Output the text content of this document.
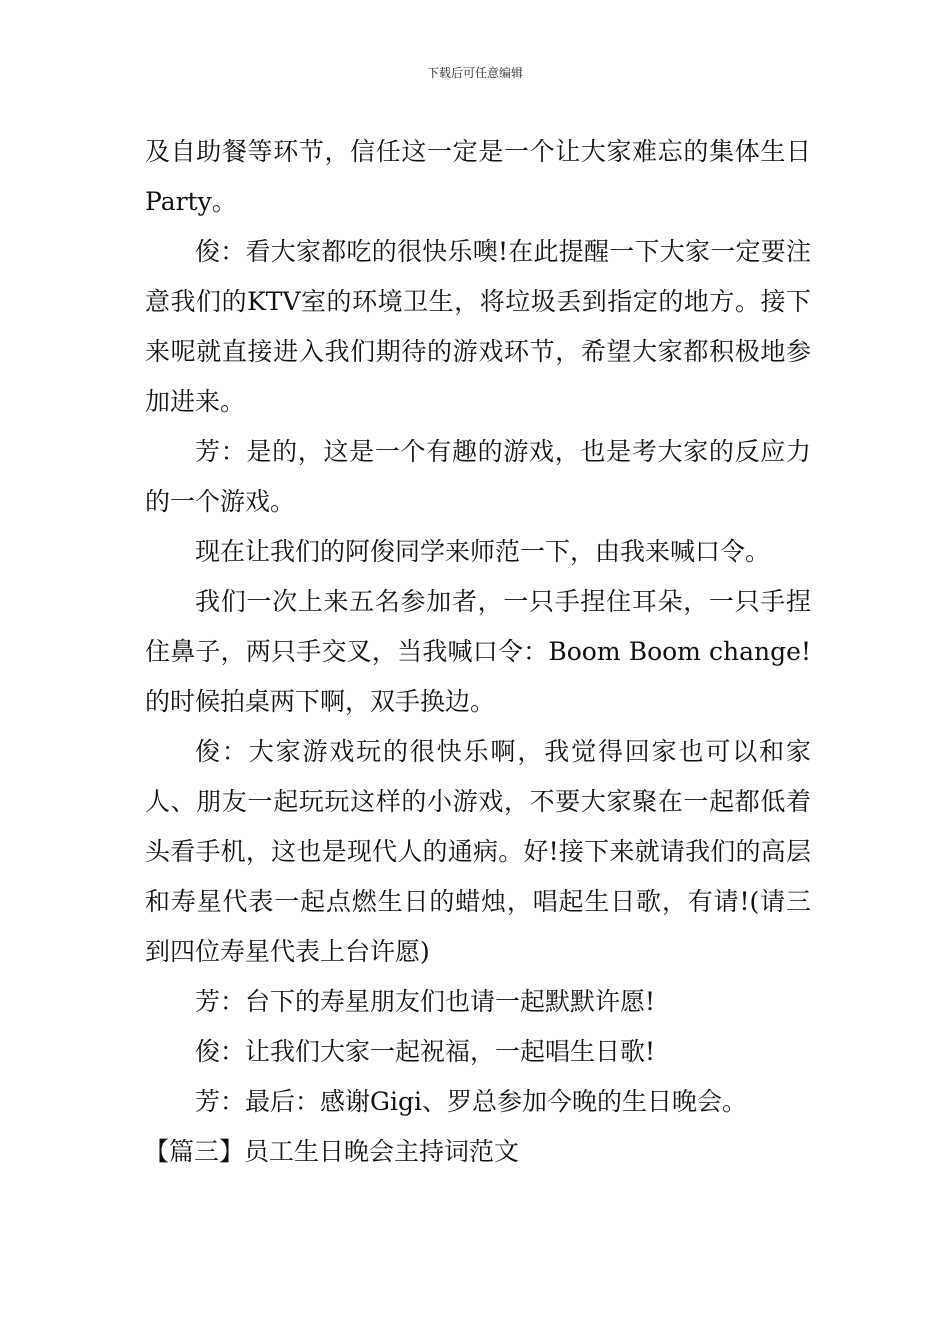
下载后可任意编辑

及自助餐等环节，信任这一定是一个让大家难忘的集体生日Party。

俊：看大家都吃的很快乐噢!在此提醒一下大家一定要注意我们的KTV室的环境卫生，将垃圾丢到指定的地方。接下来呢就直接进入我们期待的游戏环节，希望大家都积极地参加进来。

芳：是的，这是一个有趣的游戏，也是考大家的反应力的一个游戏。

现在让我们的阿俊同学来师范一下，由我来喊口令。

我们一次上来五名参加者，一只手捏住耳朵，一只手捏住鼻子，两只手交叉，当我喊口令：Boom Boom change!的时候拍桌两下啊，双手换边。

俊：大家游戏玩的很快乐啊，我觉得回家也可以和家人、朋友一起玩玩这样的小游戏，不要大家聚在一起都低着头看手机，这也是现代人的通病。好!接下来就请我们的高层和寿星代表一起点燃生日的蜡烛，唱起生日歌，有请!(请三到四位寿星代表上台许愿)

芳：台下的寿星朋友们也请一起默默许愿!

俊：让我们大家一起祝福，一起唱生日歌!

芳：最后：感谢Gigi、罗总参加今晚的生日晚会。

【篇三】员工生日晚会主持词范文
